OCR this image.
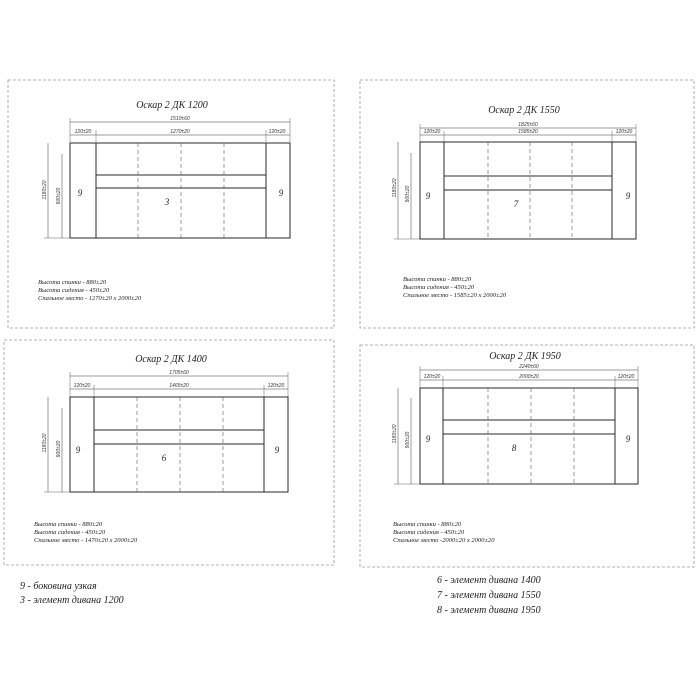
Оскар 2 ДК 1200
1510±60
120±20	1270±20	120±20
1180±20 900±20 9
3
9
Высота спинки - 880±20
Высота сидения - 450±20
Спальное место - 1270±20 x 2000±20
Оскар 2 ДК 1550
1825±60
120±20	1585±20	120±20
1180±20 900±20 9
7
9
Высота спинки - 880±20
Высота сидения - 450±20
Спальное место - 1585±20 x 2000±20
Оскар 2 ДК 1400
1705±60
120±20	1465±20	120±20
1180±20 900±20 9
6
9
Высота спинки - 880±20
Высота сидения - 450±20
Спальное место - 1470±20 x 2000±20
Оскар 2 ДК 1950
2240±60
120±20	2000±20	120±20
1180±20 900±20 9
8
9
Высота спинки - 880±20
Высота сидения - 450±20
Спальное место -2000±20 x 2000±20
9 - боковина узкая
3 - элемент дивана 1200
6 - элемент дивана 1400
7 - элемент дивана 1550
8 - элемент дивана 1950
